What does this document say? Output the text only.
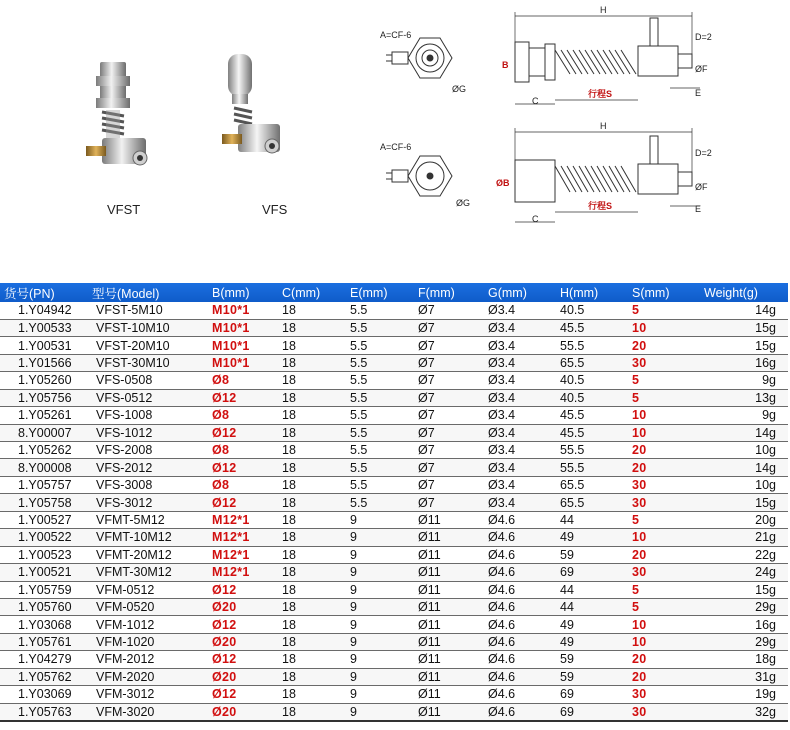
VFST	VFS
A=CF-6
ØG
H
D=2
B	ØF
C
行程S	E
A=CF-6
ØG
H
D=2
ØB	ØF
C
行程S	E
货号(PN)	型号(Model)	B(mm)	C(mm)	E(mm)	F(mm)	G(mm)	H(mm)	S(mm)	Weight(g)
1.Y04942	VFST-5M10	M10*1	18	5.5	Ø7	Ø3.4	40.5	5	14g
1.Y00533	VFST-10M10	M10*1	18	5.5	Ø7	Ø3.4	45.5	10	15g
1.Y00531	VFST-20M10	M10*1	18	5.5	Ø7	Ø3.4	55.5	20	15g
1.Y01566	VFST-30M10	M10*1	18	5.5	Ø7	Ø3.4	65.5	30	16g
1.Y05260	VFS-0508	Ø8	18	5.5	Ø7	Ø3.4	40.5	5	9g
1.Y05756	VFS-0512	Ø12	18	5.5	Ø7	Ø3.4	40.5	5	13g
1.Y05261	VFS-1008	Ø8	18	5.5	Ø7	Ø3.4	45.5	10	9g
8.Y00007	VFS-1012	Ø12	18	5.5	Ø7	Ø3.4	45.5	10	14g
1.Y05262	VFS-2008	Ø8	18	5.5	Ø7	Ø3.4	55.5	20	10g
8.Y00008	VFS-2012	Ø12	18	5.5	Ø7	Ø3.4	55.5	20	14g
1.Y05757	VFS-3008	Ø8	18	5.5	Ø7	Ø3.4	65.5	30	10g
1.Y05758	VFS-3012	Ø12	18	5.5	Ø7	Ø3.4	65.5	30	15g
1.Y00527	VFMT-5M12	M12*1	18	9	Ø11	Ø4.6	44	5	20g
1.Y00522	VFMT-10M12	M12*1	18	9	Ø11	Ø4.6	49	10	21g
1.Y00523	VFMT-20M12	M12*1	18	9	Ø11	Ø4.6	59	20	22g
1.Y00521	VFMT-30M12	M12*1	18	9	Ø11	Ø4.6	69	30	24g
1.Y05759	VFM-0512	Ø12	18	9	Ø11	Ø4.6	44	5	15g
1.Y05760	VFM-0520	Ø20	18	9	Ø11	Ø4.6	44	5	29g
1.Y03068	VFM-1012	Ø12	18	9	Ø11	Ø4.6	49	10	16g
1.Y05761	VFM-1020	Ø20	18	9	Ø11	Ø4.6	49	10	29g
1.Y04279	VFM-2012	Ø12	18	9	Ø11	Ø4.6	59	20	18g
1.Y05762	VFM-2020	Ø20	18	9	Ø11	Ø4.6	59	20	31g
1.Y03069	VFM-3012	Ø12	18	9	Ø11	Ø4.6	69	30	19g
1.Y05763	VFM-3020	Ø20	18	9	Ø11	Ø4.6	69	30	32g
